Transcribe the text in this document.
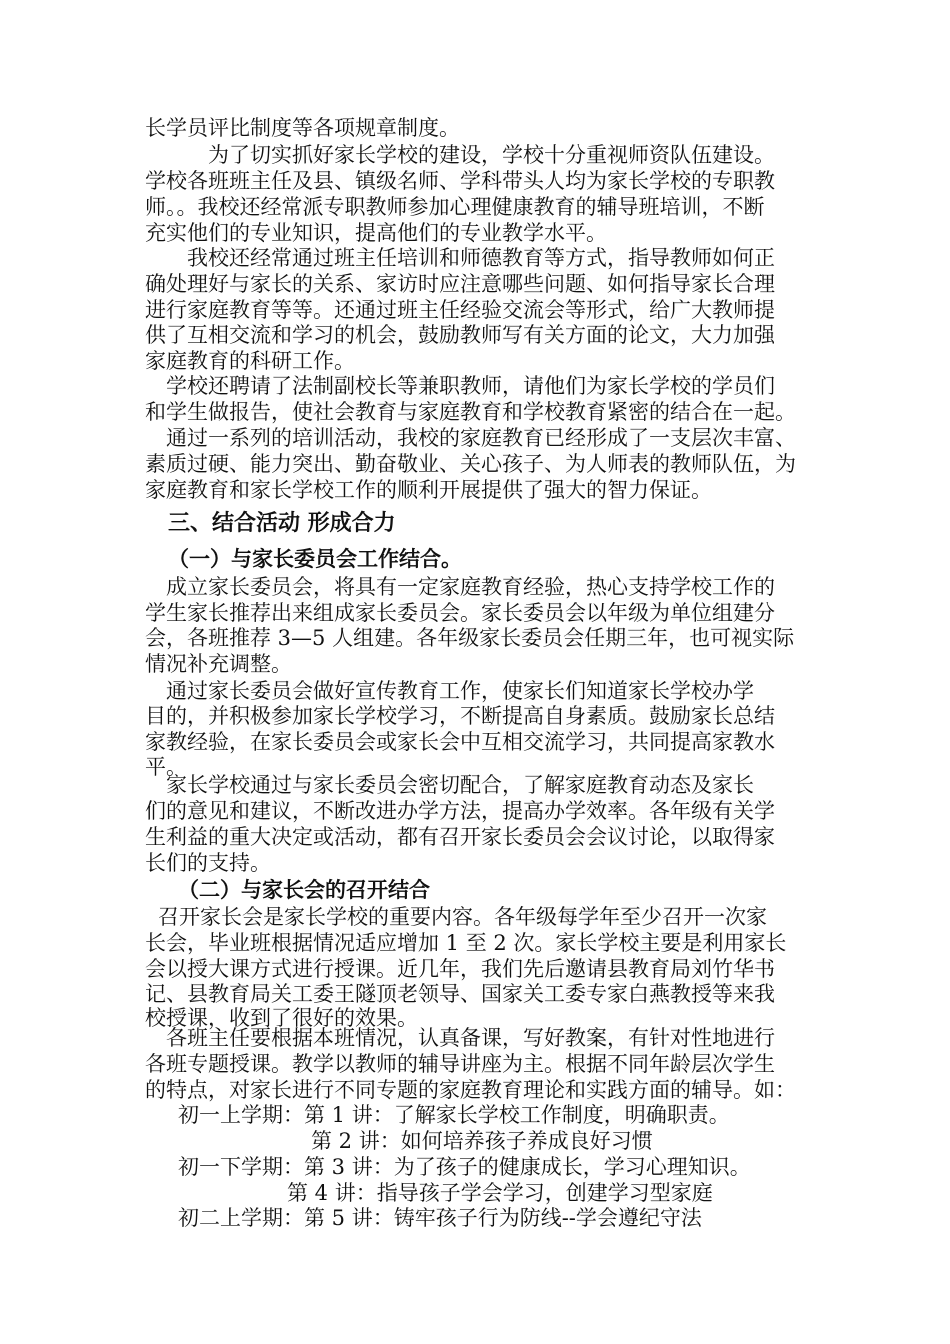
长学员评比制度等各项规章制度。
　　　为了切实抓好家长学校的建设，学校十分重视师资队伍建设。
学校各班班主任及县、镇级名师、学科带头人均为家长学校的专职教
师。。我校还经常派专职教师参加心理健康教育的辅导班培训，不断
充实他们的专业知识，提高他们的专业教学水平。
　　我校还经常通过班主任培训和师德教育等方式，指导教师如何正
确处理好与家长的关系、家访时应注意哪些问题、如何指导家长合理
进行家庭教育等等。还通过班主任经验交流会等形式，给广大教师提
供了互相交流和学习的机会，鼓励教师写有关方面的论文，大力加强
家庭教育的科研工作。
　学校还聘请了法制副校长等兼职教师，请他们为家长学校的学员们
和学生做报告，使社会教育与家庭教育和学校教育紧密的结合在一起。
　通过一系列的培训活动，我校的家庭教育已经形成了一支层次丰富、
素质过硬、能力突出、勤奋敬业、关心孩子、为人师表的教师队伍，为
家庭教育和家长学校工作的顺利开展提供了强大的智力保证。
三、结合活动 形成合力
（一）与家长委员会工作结合。
　成立家长委员会，将具有一定家庭教育经验，热心支持学校工作的
学生家长推荐出来组成家长委员会。家长委员会以年级为单位组建分
会，各班推荐 3—5 人组建。各年级家长委员会任期三年，也可视实际
情况补充调整。
　通过家长委员会做好宣传教育工作，使家长们知道家长学校办学
目的，并积极参加家长学校学习，不断提高自身素质。鼓励家长总结
家教经验，在家长委员会或家长会中互相交流学习，共同提高家教水
平。
　家长学校通过与家长委员会密切配合，了解家庭教育动态及家长
们的意见和建议，不断改进办学方法，提高办学效率。各年级有关学
生利益的重大决定或活动，都有召开家长委员会会议讨论，以取得家
长们的支持。
（二）与家长会的召开结合
召开家长会是家长学校的重要内容。各年级每学年至少召开一次家
长会，毕业班根据情况适应增加 1 至 2 次。家长学校主要是利用家长
会以授大课方式进行授课。近几年，我们先后邀请县教育局刘竹华书
记、县教育局关工委王隧顶老领导、国家关工委专家白燕教授等来我
校授课，收到了很好的效果。
　各班主任要根据本班情况，认真备课，写好教案，有针对性地进行
各班专题授课。教学以教师的辅导讲座为主。根据不同年龄层次学生
的特点，对家长进行不同专题的家庭教育理论和实践方面的辅导。如：
初一上学期：第 1 讲：了解家长学校工作制度，明确职责。
第 2 讲：如何培养孩子养成良好习惯
初一下学期：第 3 讲：为了孩子的健康成长，学习心理知识。
第 4 讲：指导孩子学会学习，创建学习型家庭
初二上学期：第 5 讲：铸牢孩子行为防线--学会遵纪守法
